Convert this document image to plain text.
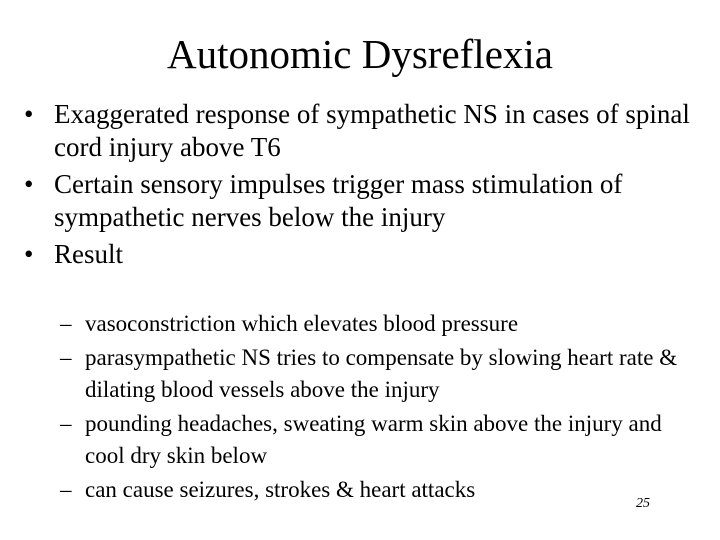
Autonomic Dysreflexia
• Exaggerated response of sympathetic NS in cases of spinal cord injury above T6
• Certain sensory impulses trigger mass stimulation of sympathetic nerves below the injury
• Result
– vasoconstriction which elevates blood pressure
– parasympathetic NS tries to compensate by slowing heart rate & dilating blood vessels above the injury
– pounding headaches, sweating warm skin above the injury and cool dry skin below
– can cause seizures, strokes & heart attacks
25
